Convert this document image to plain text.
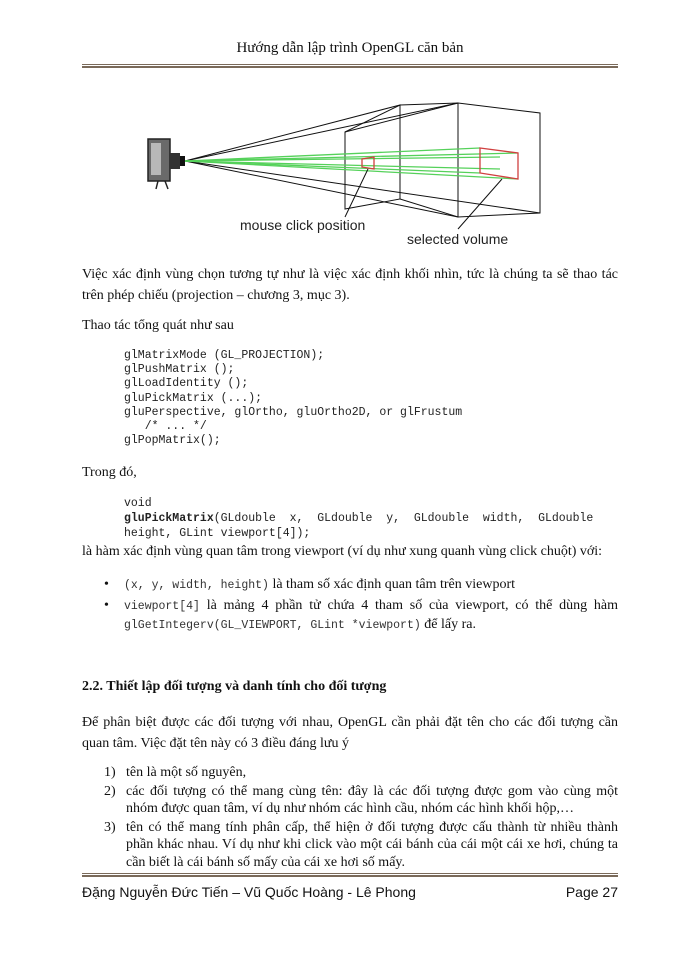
Hướng dẫn lập trình OpenGL căn bản
mouse click position
selected volume
Việc xác định vùng chọn tương tự như là việc xác định khối nhìn, tức là chúng ta sẽ thao tác trên phép chiếu (projection – chương 3, mục 3).
Thao tác tổng quát như sau
glMatrixMode (GL_PROJECTION);
glPushMatrix ();
glLoadIdentity ();
gluPickMatrix (...);
gluPerspective, glOrtho, gluOrtho2D, or glFrustum
/* ... */
glPopMatrix();
Trong đó,
void gluPickMatrix(GLdouble  x,  GLdouble  y,  GLdouble  width,  GLdouble
height, GLint viewport[4]);
là hàm xác định vùng quan tâm trong viewport (ví dụ như xung quanh vùng click chuột) với:
• (x, y, width, height) là tham số xác định quan tâm trên viewport
• viewport[4] là mảng 4 phần tử chứa 4 tham số của viewport, có thể dùng hàm glGetIntegerv(GL_VIEWPORT, GLint *viewport) để lấy ra.
2.2. Thiết lập đối tượng và danh tính cho đối tượng
Để phân biệt được các đối tượng với nhau, OpenGL cần phải đặt tên cho các đối tượng cần quan tâm. Việc đặt tên này có 3 điều đáng lưu ý
1) tên là một số nguyên,
2) các đối tượng có thể mang cùng tên: đây là các đối tượng được gom vào cùng một nhóm được quan tâm, ví dụ như nhóm các hình cầu, nhóm các hình khối hộp,…
3) tên có thể mang tính phân cấp, thể hiện ở đối tượng được cấu thành từ nhiều thành phần khác nhau. Ví dụ như khi click vào một cái bánh của cái một cái xe hơi, chúng ta cần biết là cái bánh số mấy của cái xe hơi số mấy.
Đặng Nguyễn Đức Tiến – Vũ Quốc Hoàng - Lê Phong	Page 27
